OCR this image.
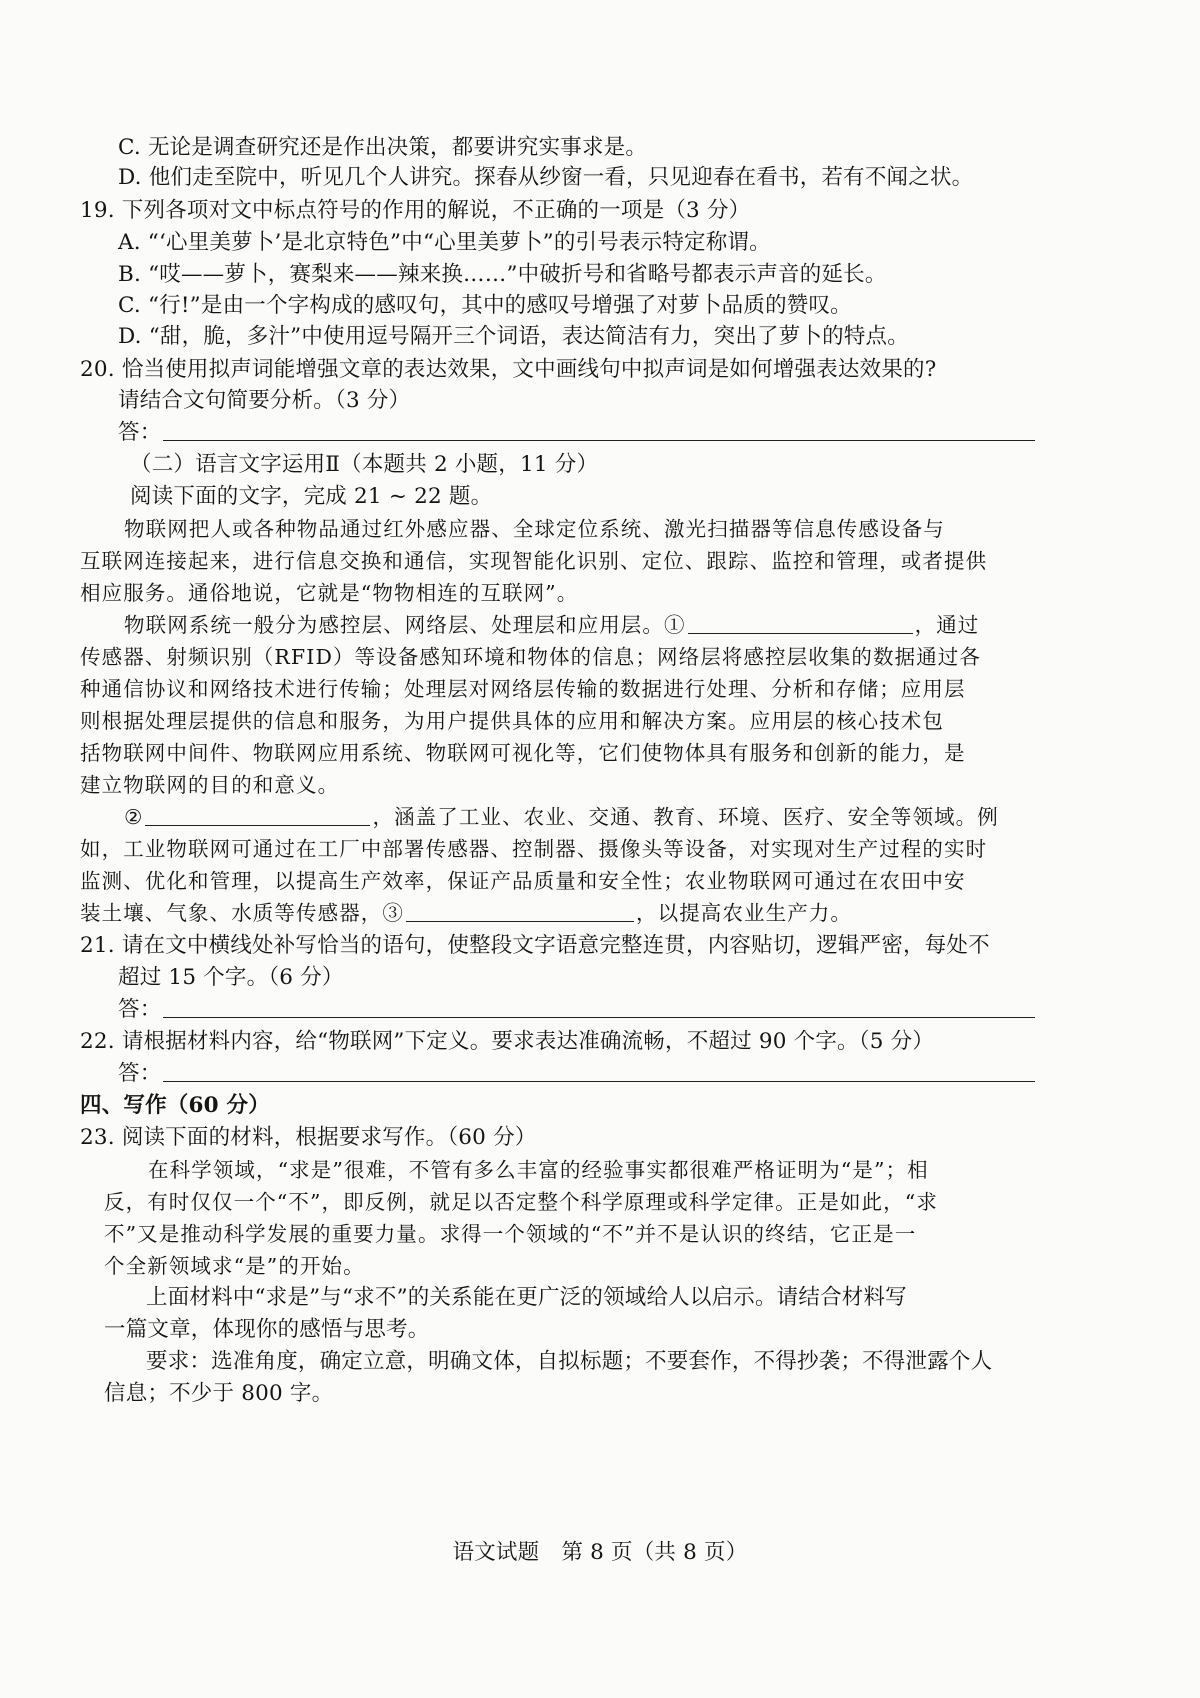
C. 无论是调查研究还是作出决策，都要讲究实事求是。
D. 他们走至院中，听见几个人讲究。探春从纱窗一看，只见迎春在看书，若有不闻之状。
19. 下列各项对文中标点符号的作用的解说，不正确的一项是（3 分）
A. “‘心里美萝卜’是北京特色”中“心里美萝卜”的引号表示特定称谓。
B. “哎——萝卜，赛梨来——辣来换……”中破折号和省略号都表示声音的延长。
C. “行!”是由一个字构成的感叹句，其中的感叹号增强了对萝卜品质的赞叹。
D. “甜，脆，多汁”中使用逗号隔开三个词语，表达简洁有力，突出了萝卜的特点。
20. 恰当使用拟声词能增强文章的表达效果，文中画线句中拟声词是如何增强表达效果的?
请结合文句简要分析。（3 分）
答：
（二）语言文字运用Ⅱ（本题共 2 小题，11 分）
阅读下面的文字，完成 21 ~ 22 题。
物联网把人或各种物品通过红外感应器、全球定位系统、激光扫描器等信息传感设备与
互联网连接起来，进行信息交换和通信，实现智能化识别、定位、跟踪、监控和管理，或者提供
相应服务。通俗地说，它就是“物物相连的互联网”。
物联网系统一般分为感控层、网络层、处理层和应用层。①	，通过
传感器、射频识别（RFID）等设备感知环境和物体的信息；网络层将感控层收集的数据通过各
种通信协议和网络技术进行传输；处理层对网络层传输的数据进行处理、分析和存储；应用层
则根据处理层提供的信息和服务，为用户提供具体的应用和解决方案。应用层的核心技术包
括物联网中间件、物联网应用系统、物联网可视化等，它们使物体具有服务和创新的能力，是
建立物联网的目的和意义。
②	，涵盖了工业、农业、交通、教育、环境、医疗、安全等领域。例
如，工业物联网可通过在工厂中部署传感器、控制器、摄像头等设备，对实现对生产过程的实时
监测、优化和管理，以提高生产效率，保证产品质量和安全性；农业物联网可通过在农田中安
装土壤、气象、水质等传感器，③	，以提高农业生产力。
21. 请在文中横线处补写恰当的语句，使整段文字语意完整连贯，内容贴切，逻辑严密，每处不
超过 15 个字。（6 分）
答：
22. 请根据材料内容，给“物联网”下定义。要求表达准确流畅，不超过 90 个字。（5 分）
答：
四、写作（60 分）
23. 阅读下面的材料，根据要求写作。（60 分）
在科学领域，“求是”很难，不管有多么丰富的经验事实都很难严格证明为“是”；相
反，有时仅仅一个“不”，即反例，就足以否定整个科学原理或科学定律。正是如此，“求
不”又是推动科学发展的重要力量。求得一个领域的“不”并不是认识的终结，它正是一
个全新领域求“是”的开始。
上面材料中“求是”与“求不”的关系能在更广泛的领域给人以启示。请结合材料写
一篇文章，体现你的感悟与思考。
要求：选准角度，确定立意，明确文体，自拟标题；不要套作，不得抄袭；不得泄露个人
信息；不少于 800 字。
语文试题 第 8 页（共 8 页）
